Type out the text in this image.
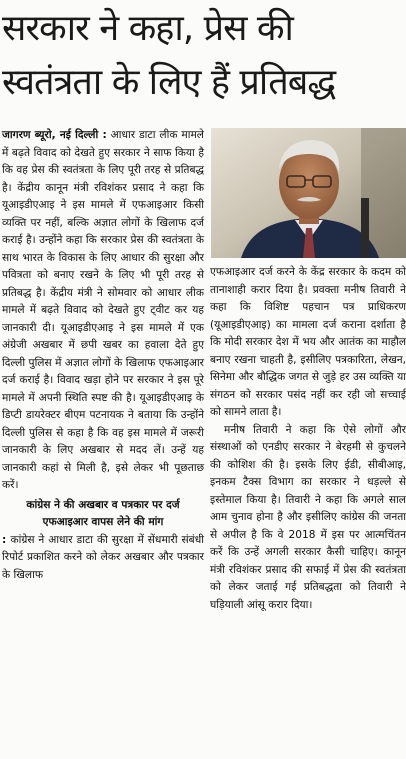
सरकार ने कहा, प्रेस की
स्वतंत्रता के लिए हैं प्रतिबद्ध

जागरण ब्यूरो, नई दिल्ली : आधार डाटा लीक मामले में बढ़ते विवाद को देखते हुए सरकार ने साफ किया है कि वह प्रेस की स्वतंत्रता के लिए पूरी तरह से प्रतिबद्ध है। केंद्रीय कानून मंत्री रविशंकर प्रसाद ने कहा कि यूआइडीएआइ ने इस मामले में एफआइआर किसी व्यक्ति पर नहीं, बल्कि अज्ञात लोगों के खिलाफ दर्ज कराई है। उन्होंने कहा कि सरकार प्रेस की स्वतंत्रता के साथ भारत के विकास के लिए आधार की सुरक्षा और पवित्रता को बनाए रखने के लिए भी पूरी तरह से प्रतिबद्ध है। केंद्रीय मंत्री ने सोमवार को आधार लीक मामले में बढ़ते विवाद को देखते हुए ट्वीट कर यह जानकारी दी। यूआइडीएआइ ने इस मामले में एक अंग्रेजी अखबार में छपी खबर का हवाला देते हुए दिल्ली पुलिस में अज्ञात लोगों के खिलाफ एफआइआर दर्ज कराई है। विवाद खड़ा होने पर सरकार ने इस पूरे मामले में अपनी स्थिति स्पष्ट की है। यूआइडीएआइ के डिप्टी डायरेक्टर बीएम पटनायक ने बताया कि उन्होंने दिल्ली पुलिस से कहा है कि वह इस मामले में जरूरी जानकारी के लिए अखबार से मदद लें। उन्हें यह जानकारी कहां से मिली है, इसे लेकर भी पूछताछ करें।

कांग्रेस ने की अखबार व पत्रकार पर दर्ज एफआइआर वापस लेने की मांग

: कांग्रेस ने आधार डाटा की सुरक्षा में सेंधमारी संबंधी रिपोर्ट प्रकाशित करने को लेकर अखबार और पत्रकार के खिलाफ

एफआइआर दर्ज करने के केंद्र सरकार के कदम को तानाशाही करार दिया है। प्रवक्ता मनीष तिवारी ने कहा कि विशिष्ट पहचान पत्र प्राधिकरण (यूआइडीएआइ) का मामला दर्ज कराना दर्शाता है कि मोदी सरकार देश में भय और आतंक का माहौल बनाए रखना चाहती है, इसीलिए पत्रकारिता, लेखन, सिनेमा और बौद्धिक जगत से जुड़े हर उस व्यक्ति या संगठन को सरकार पसंद नहीं कर रही जो सच्चाई को सामने लाता है।

मनीष तिवारी ने कहा कि ऐसे लोगों और संस्थाओं को एनडीए सरकार ने बेरहमी से कुचलने की कोशिश की है। इसके लिए ईडी, सीबीआइ, इनकम टैक्स विभाग का सरकार ने धड़ल्ले से इस्तेमाल किया है। तिवारी ने कहा कि अगले साल आम चुनाव होना है और इसीलिए कांग्रेस की जनता से अपील है कि वे 2018 में इस पर आत्मचिंतन करें कि उन्हें अगली सरकार कैसी चाहिए। कानून मंत्री रविशंकर प्रसाद की सफाई में प्रेस की स्वतंत्रता को लेकर जताई गई प्रतिबद्धता को तिवारी ने घड़ियाली आंसू करार दिया।
